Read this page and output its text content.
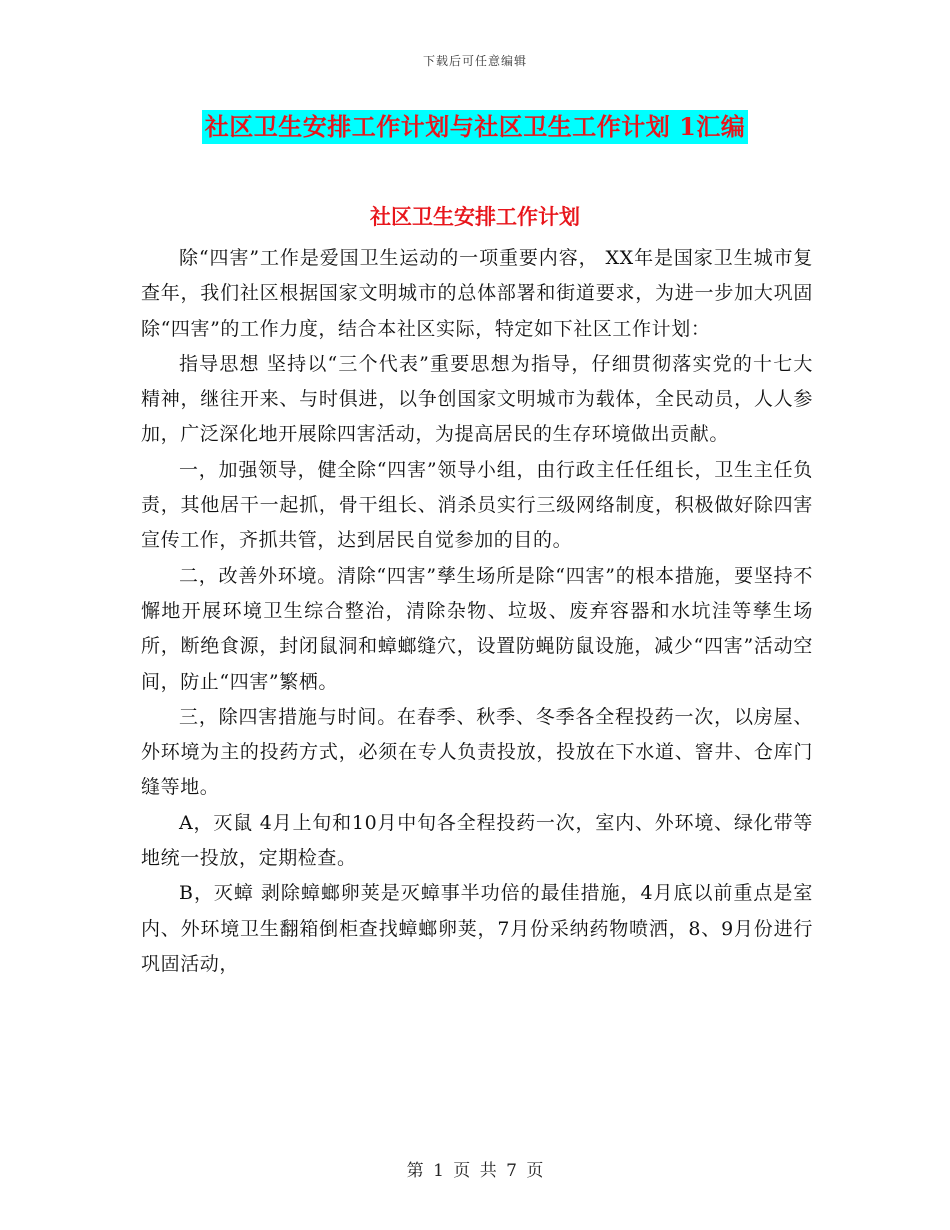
下载后可任意编辑
社区卫生安排工作计划与社区卫生工作计划 1汇编
社区卫生安排工作计划

除“四害”工作是爱国卫生运动的一项重要内容， XX年是国家卫生城市复查年，我们社区根据国家文明城市的总体部署和街道要求，为进一步加大巩固除“四害”的工作力度，结合本社区实际，特定如下社区工作计划：

指导思想 坚持以“三个代表”重要思想为指导，仔细贯彻落实党的十七大精神，继往开来、与时俱进，以争创国家文明城市为载体，全民动员，人人参加，广泛深化地开展除四害活动，为提高居民的生存环境做出贡献。

一，加强领导，健全除“四害”领导小组，由行政主任任组长，卫生主任负责，其他居干一起抓，骨干组长、消杀员实行三级网络制度，积极做好除四害宣传工作，齐抓共管，达到居民自觉参加的目的。

二，改善外环境。清除“四害”孳生场所是除“四害”的根本措施，要坚持不懈地开展环境卫生综合整治，清除杂物、垃圾、废弃容器和水坑洼等孳生场所，断绝食源，封闭鼠洞和蟑螂缝穴，设置防蝇防鼠设施，减少“四害”活动空间，防止“四害”繁栖。

三，除四害措施与时间。在春季、秋季、冬季各全程投药一次，以房屋、外环境为主的投药方式，必须在专人负责投放，投放在下水道、窨井、仓库门缝等地。

A，灭鼠 4月上旬和10月中旬各全程投药一次，室内、外环境、绿化带等地统一投放，定期检查。

B，灭蟑 剥除蟑螂卵荚是灭蟑事半功倍的最佳措施，4月底以前重点是室内、外环境卫生翻箱倒柜查找蟑螂卵荚，7月份采纳药物喷洒，8、9月份进行巩固活动，

第 1 页 共 7 页
